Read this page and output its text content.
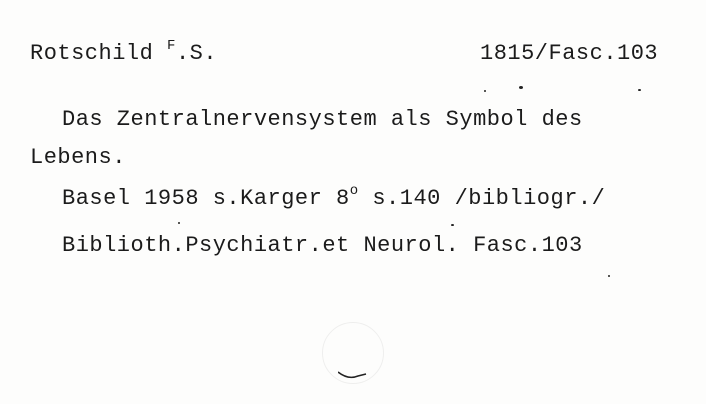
Rotschild $^F$.S.	1815/Fasc.103
Das Zentralnervensystem als Symbol des
Lebens.
Basel 1958 s.Karger 8$^o$ s.140 /bibliogr./
Biblioth.Psychiatr.et Neurol. Fasc.103
